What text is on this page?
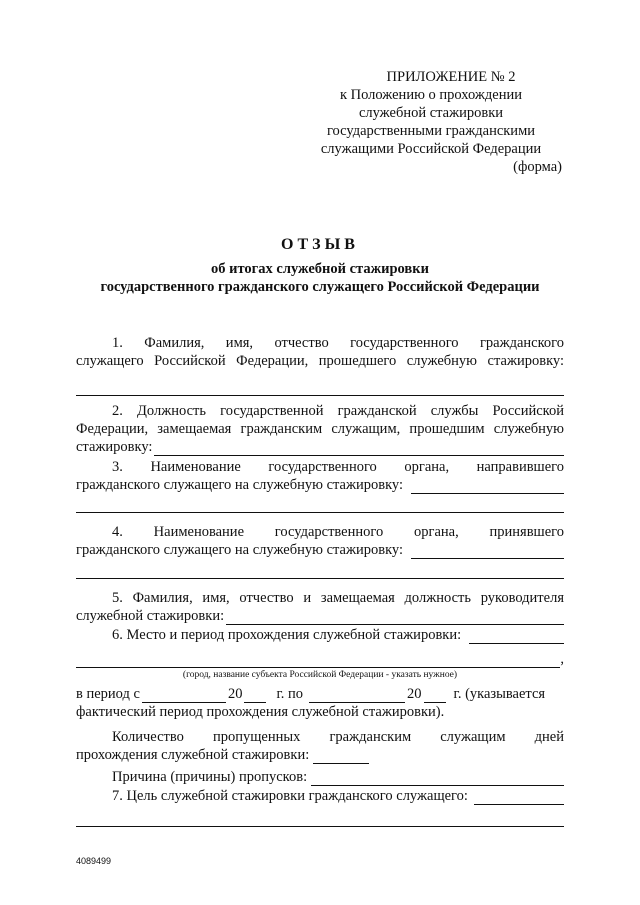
ПРИЛОЖЕНИЕ № 2
к Положению о прохождении
служебной стажировки
государственными гражданскими
служащими Российской Федерации
(форма)
ОТЗЫВ
об итогах служебной стажировки
государственного гражданского служащего Российской Федерации
1. Фамилия, имя, отчество государственного гражданского
служащего Российской Федерации, прошедшего служебную стажировку:
2. Должность государственной гражданской службы Российской
Федерации, замещаемая гражданским служащим, прошедшим служебную
стажировку:
3. Наименование государственного органа, направившего
гражданского служащего на служебную стажировку:
4. Наименование государственного органа, принявшего
гражданского служащего на служебную стажировку:
5. Фамилия, имя, отчество и замещаемая должность руководителя
служебной стажировки:
6. Место и период прохождения служебной стажировки:
,
(город, название субъекта Российской Федерации - указать нужное)
в период с	20 г. по	20 г. (указывается
фактический период прохождения служебной стажировки).
Количество пропущенных гражданским служащим дней
прохождения служебной стажировки:
Причина (причины) пропусков:
7. Цель служебной стажировки гражданского служащего:
4089499
